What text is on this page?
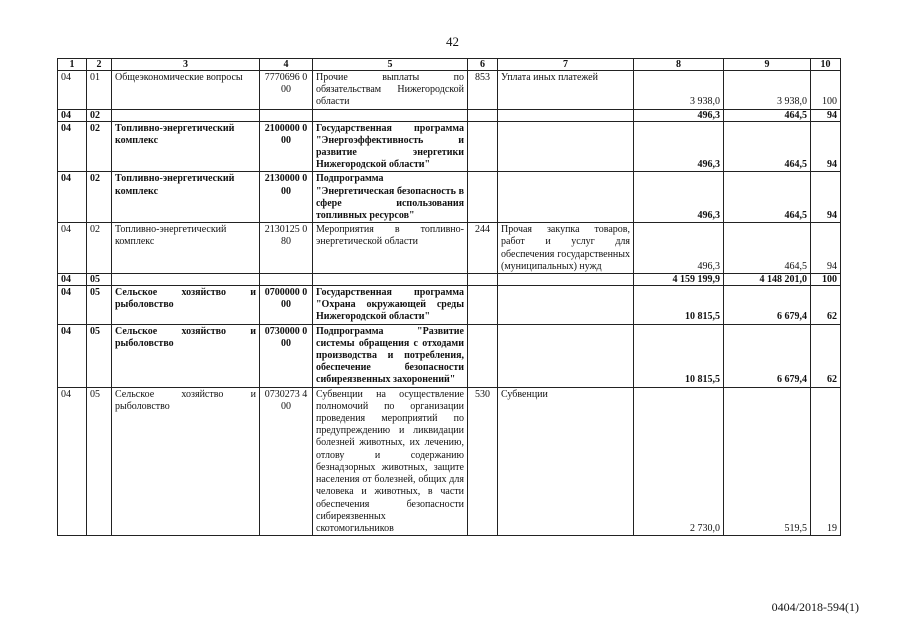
42
1	2	3	4	5	6	7	8	9	10
04	01	Общеэкономические вопросы	7770696 000	Прочие выплаты по обязательствам Нижегородской области	853	Уплата иных платежей	3 938,0	3 938,0	100
04	02						496,3	464,5	94
04	02	Топливно-энергетический комплекс	2100000 000	Государственная программа "Энергоэффективность и развитие энергетики Нижегородской области"			496,3	464,5	94
04	02	Топливно-энергетический комплекс	2130000 000	Подпрограмма "Энергетическая безопасность в сфере использования топливных ресурсов"			496,3	464,5	94
04	02	Топливно-энергетический комплекс	2130125 080	Мероприятия в топливно-энергетической области	244	Прочая закупка товаров, работ и услуг для обеспечения государственных (муниципальных) нужд	496,3	464,5	94
04	05						4 159 199,9	4 148 201,0	100
04	05	Сельское хозяйство и рыболовство	0700000 000	Государственная программа "Охрана окружающей среды Нижегородской области"			10 815,5	6 679,4	62
04	05	Сельское хозяйство и рыболовство	0730000 000	Подпрограмма "Развитие системы обращения с отходами производства и потребления, обеспечение безопасности сибиреязвенных захоронений"			10 815,5	6 679,4	62
04	05	Сельское хозяйство и рыболовство	0730273 400	Субвенции на осуществление полномочий по организации проведения мероприятий по предупреждению и ликвидации болезней животных, их лечению, отлову и содержанию безнадзорных животных, защите населения от болезней, общих для человека и животных, в части обеспечения безопасности сибиреязвенных скотомогильников	530	Субвенции	2 730,0	519,5	19
0404/2018-594(1)
